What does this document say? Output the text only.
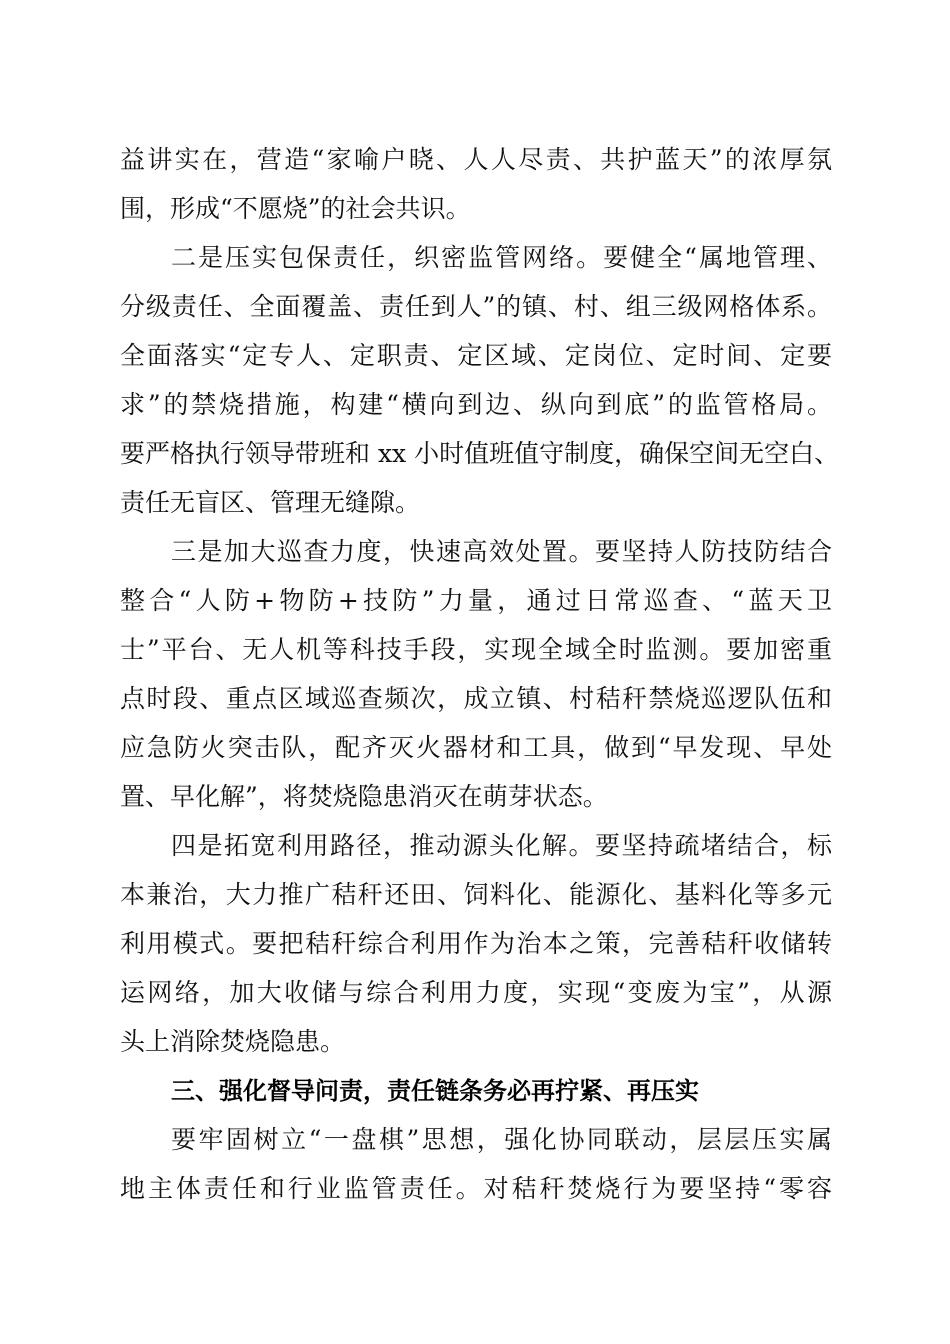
益讲实在，营造“家喻户晓、人人尽责、共护蓝天”的浓厚氛
围，形成“不愿烧”的社会共识。
二是压实包保责任，织密监管网络。要健全“属地管理、
分级责任、全面覆盖、责任到人”的镇、村、组三级网格体系。
全面落实“定专人、定职责、定区域、定岗位、定时间、定要
求”的禁烧措施，构建“横向到边、纵向到底”的监管格局。
要严格执行领导带班和 xx 小时值班值守制度，确保空间无空白、
责任无盲区、管理无缝隙。
三是加大巡查力度，快速高效处置。要坚持人防技防结合
整合“人防+物防+技防”力量，通过日常巡查、“蓝天卫
士”平台、无人机等科技手段，实现全域全时监测。要加密重
点时段、重点区域巡查频次，成立镇、村秸秆禁烧巡逻队伍和
应急防火突击队，配齐灭火器材和工具，做到“早发现、早处
置、早化解”，将焚烧隐患消灭在萌芽状态。
四是拓宽利用路径，推动源头化解。要坚持疏堵结合，标
本兼治，大力推广秸秆还田、饲料化、能源化、基料化等多元
利用模式。要把秸秆综合利用作为治本之策，完善秸秆收储转
运网络，加大收储与综合利用力度，实现“变废为宝”，从源
头上消除焚烧隐患。
三、强化督导问责，责任链条务必再拧紧、再压实
要牢固树立“一盘棋”思想，强化协同联动，层层压实属
地主体责任和行业监管责任。对秸秆焚烧行为要坚持“零容
